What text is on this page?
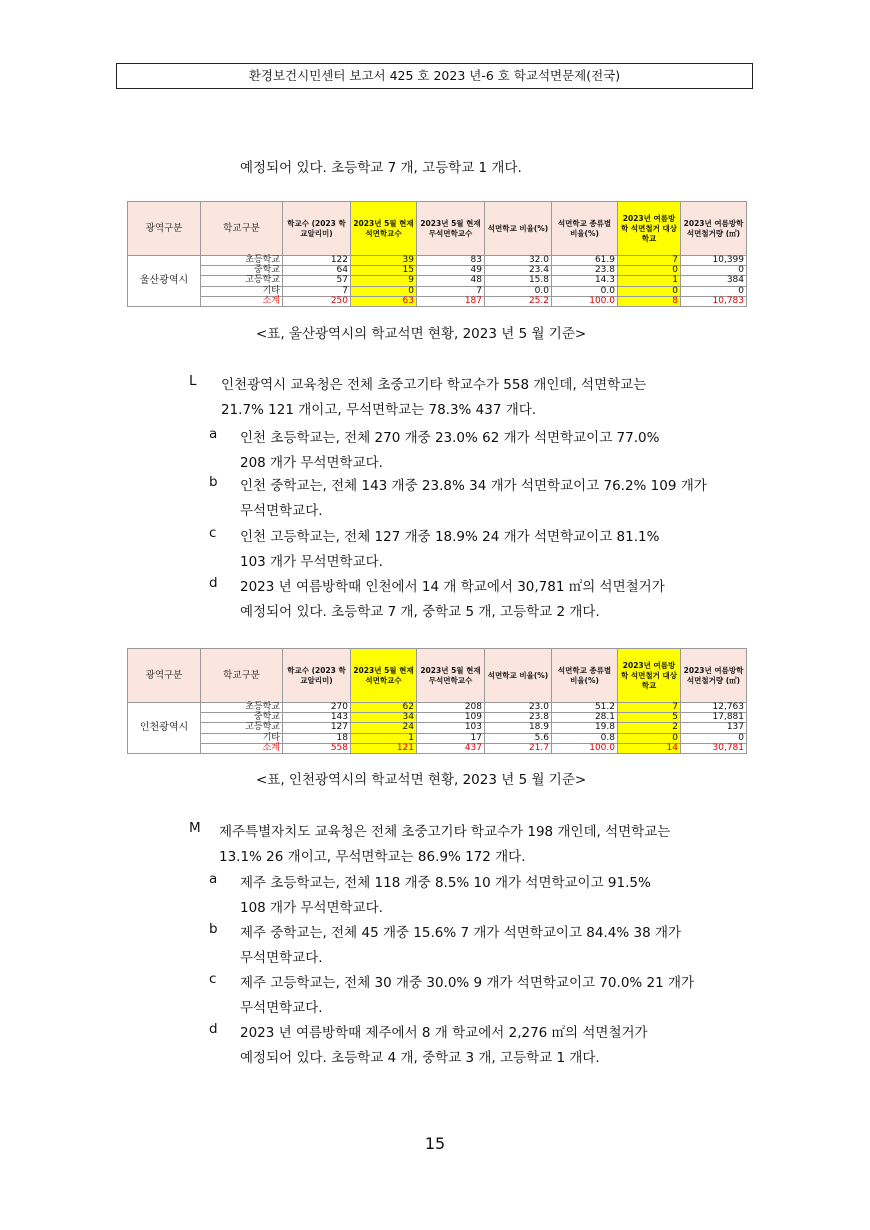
환경보건시민센터 보고서 425 호 2023 년-6 호 학교석면문제(전국)
예정되어 있다. 초등학교 7 개, 고등학교 1 개다.
광역구분	학교구분	학교수 (2023 학교알리미)	2023년 5월 현재 석면학교수	2023년 5월 현재 무석면학교수	석면학교 비율(%)	석면학교 종류별 비율(%)	2023년 여름방학 석면철거 대상학교	2023년 여름방학 석면철거량 (㎡)
울산광역시	초등학교	122	39	83	32.0	61.9	7	10,399
	중학교	64	15	49	23.4	23.8	0	0
	고등학교	57	9	48	15.8	14.3	1	384
	기타	7	0	7	0.0	0.0	0	0
	소계	250	63	187	25.2	100.0	8	10,783
<표, 울산광역시의 학교석면 현황, 2023 년 5 월 기준>
L 인천광역시 교육청은 전체 초중고기타 학교수가 558 개인데, 석면학교는
21.7% 121 개이고, 무석면학교는 78.3% 437 개다.
a 인천 초등학교는, 전체 270 개중 23.0% 62 개가 석면학교이고 77.0%
208 개가 무석면학교다.
b 인천 중학교는, 전체 143 개중 23.8% 34 개가 석면학교이고 76.2% 109 개가
무석면학교다.
c 인천 고등학교는, 전체 127 개중 18.9% 24 개가 석면학교이고 81.1%
103 개가 무석면학교다.
d 2023 년 여름방학때 인천에서 14 개 학교에서 30,781 ㎡의 석면철거가
예정되어 있다. 초등학교 7 개, 중학교 5 개, 고등학교 2 개다.
광역구분	학교구분	학교수 (2023 학교알리미)	2023년 5월 현재 석면학교수	2023년 5월 현재 무석면학교수	석면학교 비율(%)	석면학교 종류별 비율(%)	2023년 여름방학 석면철거 대상학교	2023년 여름방학 석면철거량 (㎡)
인천광역시	초등학교	270	62	208	23.0	51.2	7	12,763
	중학교	143	34	109	23.8	28.1	5	17,881
	고등학교	127	24	103	18.9	19.8	2	137
	기타	18	1	17	5.6	0.8	0	0
	소계	558	121	437	21.7	100.0	14	30,781
<표, 인천광역시의 학교석면 현황, 2023 년 5 월 기준>
M 제주특별자치도 교육청은 전체 초중고기타 학교수가 198 개인데, 석면학교는
13.1% 26 개이고, 무석면학교는 86.9% 172 개다.
a 제주 초등학교는, 전체 118 개중 8.5% 10 개가 석면학교이고 91.5%
108 개가 무석면학교다.
b 제주 중학교는, 전체 45 개중 15.6% 7 개가 석면학교이고 84.4% 38 개가
무석면학교다.
c 제주 고등학교는, 전체 30 개중 30.0% 9 개가 석면학교이고 70.0% 21 개가
무석면학교다.
d 2023 년 여름방학때 제주에서 8 개 학교에서 2,276 ㎡의 석면철거가
예정되어 있다. 초등학교 4 개, 중학교 3 개, 고등학교 1 개다.
15
